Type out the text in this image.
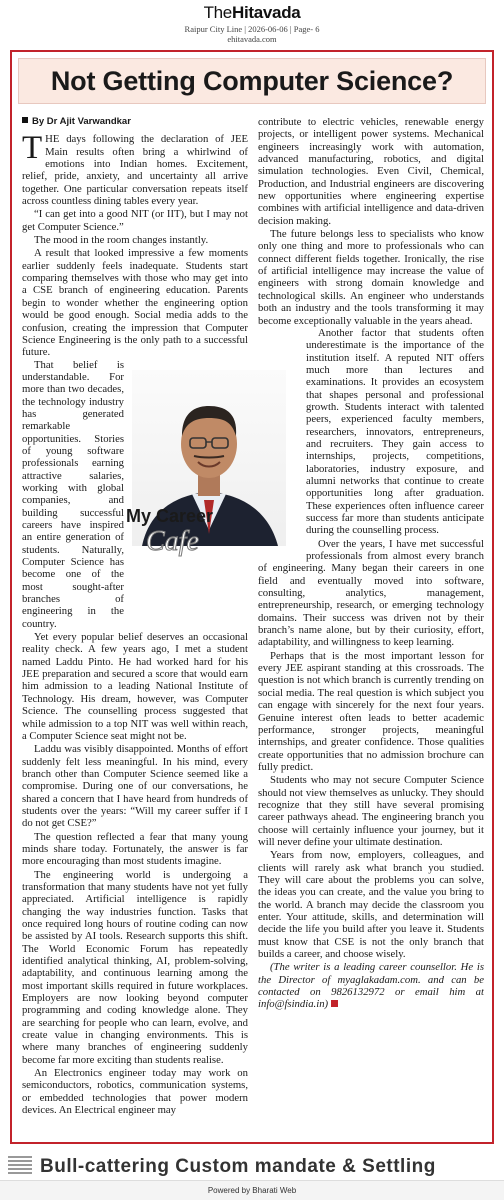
TheHitavada
Raipur City Line | 2026-06-06 | Page- 6
ehitavada.com
Not Getting Computer Science?
By Dr Ajit Varwandkar

THE days following the declaration of JEE Main results often bring a whirlwind of emotions into Indian homes. Excitement, relief, pride, anxiety, and uncertainty all arrive together. One particular conversation repeats itself across countless dining tables every year.

“I can get into a good NIT (or IIT), but I may not get Computer Science.”

The mood in the room changes instantly.

A result that looked impressive a few moments earlier suddenly feels inadequate. Students start comparing themselves with those who may get into a CSE branch of engineering education. Parents begin to wonder whether the engineering option would be good enough. Social media adds to the confusion, creating the impression that Computer Science Engineering is the only path to a successful future.

That belief is understandable. For more than two decades, the technology industry has generated remarkable opportunities. Stories of young software professionals earning attractive salaries, working with global companies, and building successful careers have inspired an entire generation of students. Naturally, Computer Science has become one of the most sought-after branches of engineering in the country.

Yet every popular belief deserves an occasional reality check. A few years ago, I met a student named Laddu Pinto. He had worked hard for his JEE preparation and secured a score that would earn him admission to a leading National Institute of Technology. His dream, however, was Computer Science. The counselling process suggested that while admission to a top NIT was well within reach, a Computer Science seat might not be.

Laddu was visibly disappointed. Months of effort suddenly felt less meaningful. In his mind, every branch other than Computer Science seemed like a compromise. During one of our conversations, he shared a concern that I have heard from hundreds of students over the years: “Will my career suffer if I do not get CSE?”

The question reflected a fear that many young minds share today. Fortunately, the answer is far more encouraging than most students imagine.

The engineering world is undergoing a transformation that many students have not yet fully appreciated. Artificial intelligence is rapidly changing the way industries function. Tasks that once required long hours of routine coding can now be assisted by AI tools. Research supports this shift. The World Economic Forum has repeatedly identified analytical thinking, AI, problem-solving, adaptability, and continuous learning among the most important skills required in future workplaces. Employers are now looking beyond computer programming and coding knowledge alone. They are searching for people who can learn, evolve, and create value in changing environments. This is where many branches of engineering suddenly become far more exciting than students realise.

An Electronics engineer today may work on semiconductors, robotics, communication systems, or embedded technologies that power modern devices. An Electrical engineer may

contribute to electric vehicles, renewable energy projects, or intelligent power systems. Mechanical engineers increasingly work with automation, advanced manufacturing, robotics, and digital simulation technologies. Even Civil, Chemical, Production, and Industrial engineers are discovering new opportunities where engineering expertise combines with artificial intelligence and data-driven decision making.

The future belongs less to specialists who know only one thing and more to professionals who can connect different fields together. Ironically, the rise of artificial intelligence may increase the value of engineers with strong domain knowledge and technological skills. An engineer who understands both an industry and the tools transforming it may become exceptionally valuable in the years ahead.

Another factor that students often underestimate is the importance of the institution itself. A reputed NIT offers much more than lectures and examinations. It provides an ecosystem that shapes personal and professional growth. Students interact with talented peers, experienced faculty members, researchers, innovators, entrepreneurs, and recruiters. They gain access to internships, projects, competitions, laboratories, industry exposure, and alumni networks that continue to create opportunities long after graduation. These experiences often influence career success far more than students anticipate during the counselling process.

Over the years, I have met successful professionals from almost every branch of engineering. Many began their careers in one field and eventually moved into software, consulting, analytics, management, entrepreneurship, research, or emerging technology domains. Their success was driven not by their branch’s name alone, but by their curiosity, effort, adaptability, and willingness to keep learning.

Perhaps that is the most important lesson for every JEE aspirant standing at this crossroads. The question is not which branch is currently trending on social media. The real question is which subject you can engage with sincerely for the next four years. Genuine interest often leads to better academic performance, stronger projects, meaningful internships, and greater confidence. Those qualities create opportunities that no admission brochure can fully predict.

Students who may not secure Computer Science should not view themselves as unlucky. They should recognize that they still have several promising career pathways ahead. The engineering branch you choose will certainly influence your journey, but it will never define your ultimate destination.

Years from now, employers, colleagues, and clients will rarely ask what branch you studied. They will care about the problems you can solve, the ideas you can create, and the value you bring to the world. A branch may decide the classroom you enter. Your attitude, skills, and determination will decide the life you build after you leave it. Students must know that CSE is not the only branch that builds a career, and choose wisely.

(The writer is a leading career counsellor. He is the Director of myaglakadam.com. and can be contacted on 9826132972 or email him at info@fsindia.in)

My Career
Cafe
Bull-cattering Custom mandate & Settling
Powered by Bharati Web
